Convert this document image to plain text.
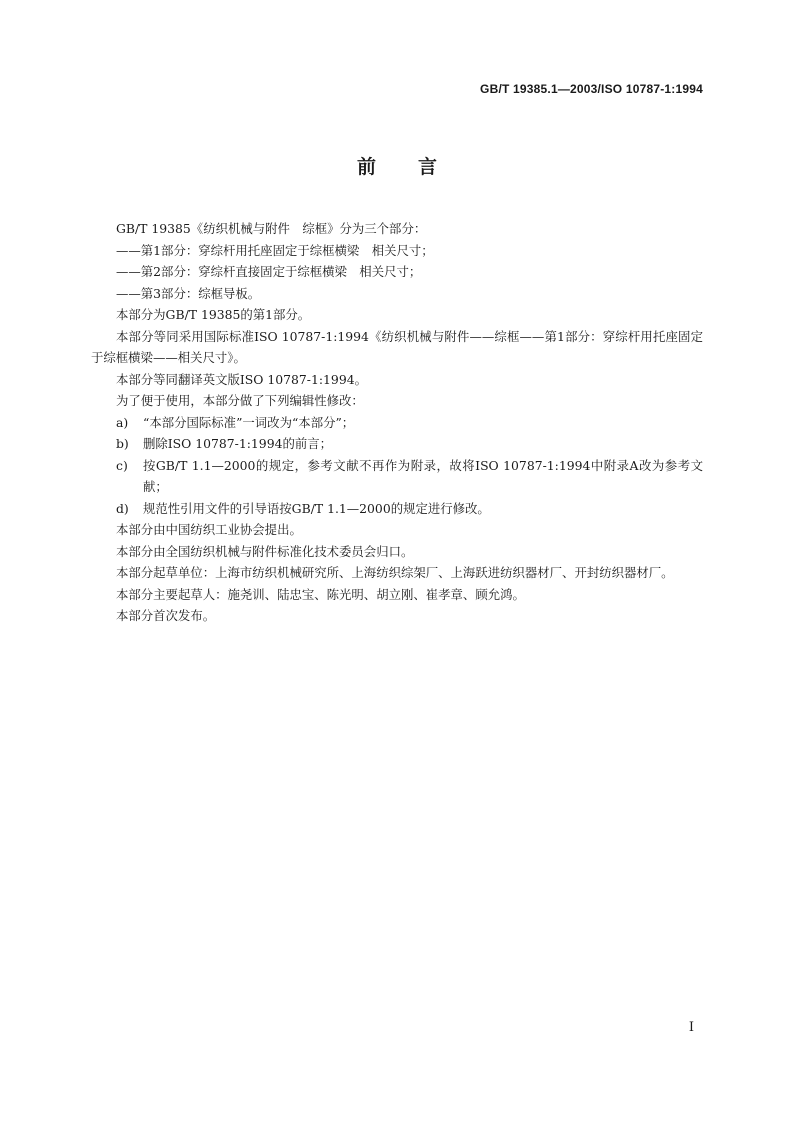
GB/T 19385.1—2003/ISO 10787-1:1994
前言

GB/T 19385《纺织机械与附件　综框》分为三个部分：

——第1部分：穿综杆用托座固定于综框横梁　相关尺寸；

——第2部分：穿综杆直接固定于综框横梁　相关尺寸；

——第3部分：综框导板。

本部分为GB/T 19385的第1部分。

本部分等同采用国际标准ISO 10787-1:1994《纺织机械与附件——综框——第1部分：穿综杆用托座固定于综框横梁——相关尺寸》。

本部分等同翻译英文版ISO 10787-1:1994。

为了便于使用，本部分做了下列编辑性修改：

a) “本部分国际标准”一词改为“本部分”；
b) 删除ISO 10787-1:1994的前言；
c) 按GB/T 1.1—2000的规定，参考文献不再作为附录，故将ISO 10787-1:1994中附录A改为参考文献；
d) 规范性引用文件的引导语按GB/T 1.1—2000的规定进行修改。

本部分由中国纺织工业协会提出。

本部分由全国纺织机械与附件标准化技术委员会归口。

本部分起草单位：上海市纺织机械研究所、上海纺织综架厂、上海跃进纺织器材厂、开封纺织器材厂。

本部分主要起草人：施尧训、陆忠宝、陈光明、胡立刚、崔孝章、顾允鸿。

本部分首次发布。

I
